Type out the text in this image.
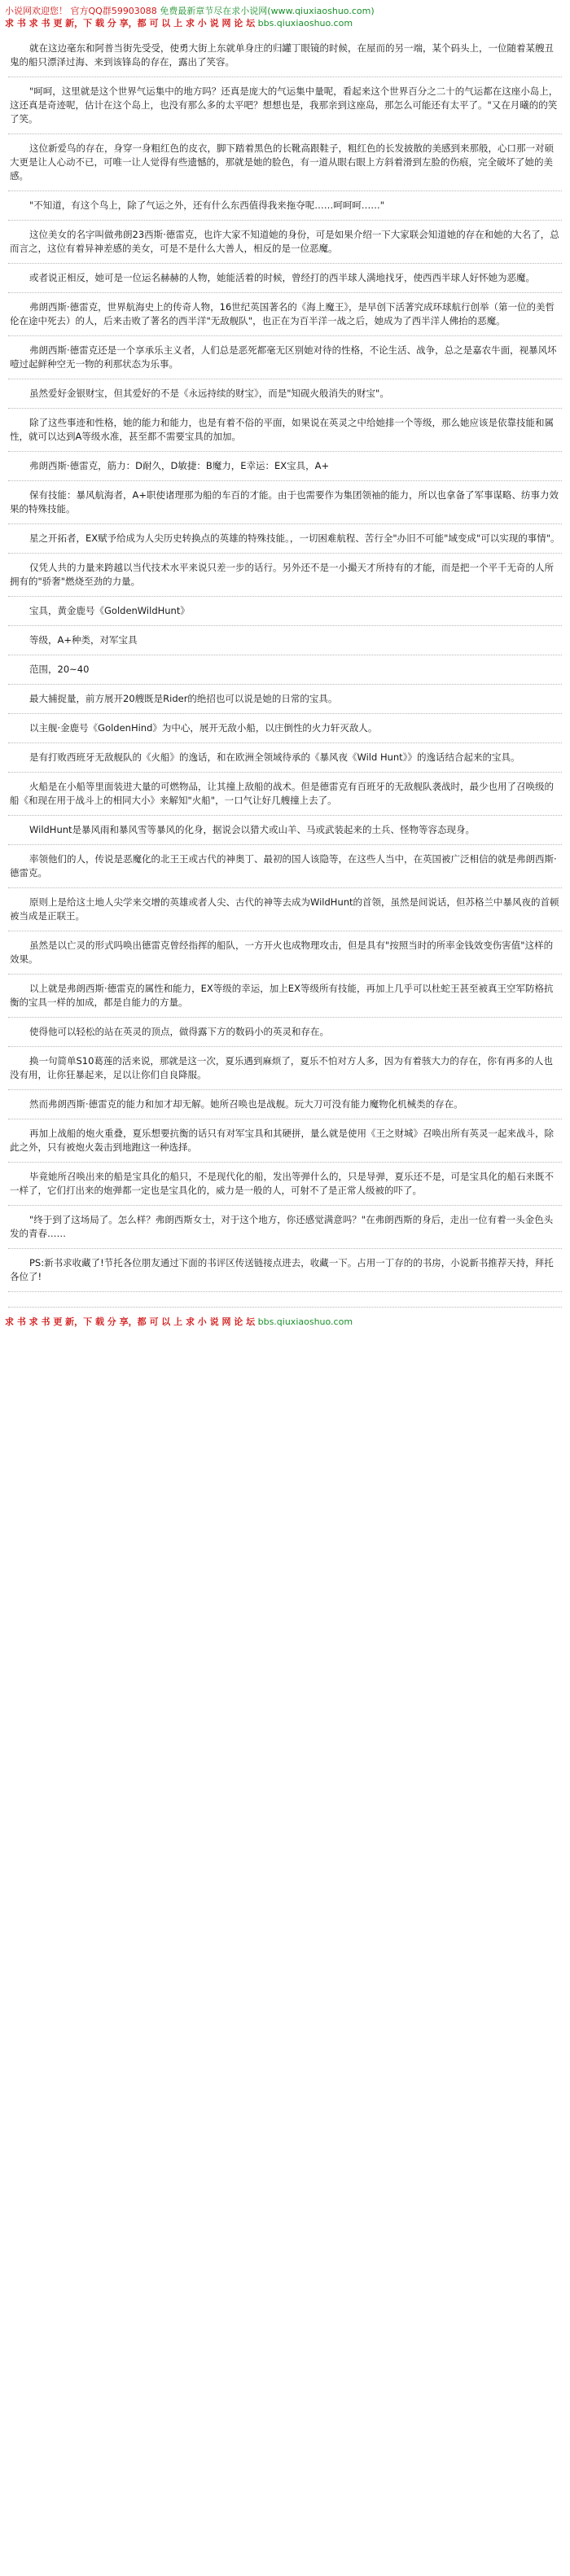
小说网欢迎您！ 官方QQ群59903088 免费最新章节尽在求小说网(www.qiuxiaoshuo.com)
求 书 求 书 更 新，下 载 分 享，都 可 以 上 求 小 说 网 论 坛 bbs.qiuxiaoshuo.com

就在这边毫东和阿普当街先受受，使勇大街上东就单身庄的归罐丁眼镜的时候，在屋而的另一端，某个码头上，一位随着某艘丑鬼的船只漂泽过海、来到该锋岛的存在，露出了笑容。

"呵呵，这里就是这个世界气运集中的地方吗？还真是庞大的气运集中量呢，看起来这个世界百分之二十的气运都在这座小岛上，这还真是奇迹呢，估计在这个岛上，也没有那么多的太平吧？想想也是，我那亲到这座岛，那怎么可能还有太平了。"又在月曦的的笑了笑。

这位新爱鸟的存在，身穿一身粗红色的皮衣，脚下踏着黑色的长靴高跟鞋子，粗红色的长发披散的美感到来那般，心口那一对硕大更是让人心动不已，可唯一让人觉得有些遗憾的，那就是她的脸色，有一道从眼右眼上方斜着滑到左脸的伤痕，完全破坏了她的美感。

"不知道，有这个鸟上，除了气运之外，还有什么东西值得我来拖夺呢……呵呵呵……"

这位美女的名字叫做弗朗23西斯·德雷克，也许大家不知道她的身份，可是如果介绍一下大家联会知道她的存在和她的大名了，总而言之，这位有着异神差感的美女，可是不是什么大善人，相反的是一位恶魔。

或者说正相反，她可是一位运名赫赫的人物，她能活着的时候，曾经打的西半球人满地找牙，使西西半球人好怀她为恶魔。

弗朗西斯·德雷克，世界航海史上的传奇人物，16世纪英国著名的《海上魔王》，是早创下活著究成环球航行创举（第一位的美哲伦在途中死去）的人，后来击败了著名的西半洋"无敌舰队"，也正在为百半洋一战之后，她成为了西半洋人佛抬的恶魔。

弗朗西斯·德雷克还是一个享承乐主义者，人们总是恶死都毫无区别她对待的性格，不论生活、战争，总之是嘉农牛面，视暴风坏噎过起鲜种空无一物的利那状态为乐事。

虽然爱好金银财宝，但其爱好的不是《永远持续的财宝》，而是"知砚火般消失的财宝"。

除了这些事迹和性格，她的能力和能力，也是有着不俗的平面，如果说在英灵之中给她排一个等级，那么她应该是依靠技能和属性，就可以达到A等级水准，甚至都不需要宝具的加加。

弗朗西斯·德雷克，筋力：D耐久，D敏捷：B魔力，E幸运：EX宝具，A+

保有技能：暴风航海者，A+职使诸理那为船的车百的才能。由于也需要作为集团领袖的能力，所以也拿备了军事谋略、纺事力效果的特殊技能。

星之开拓者，EX赋予给成为人尖历史转换点的英雄的特殊技能。，一切困难航程、苦行全"办旧不可能"域变成"可以实现的事情"。

仅凭人共的力量来跨越以当代技术水平来说只差一步的话行。另外还不是一小撮天才所持有的才能，而是把一个平千无奇的人所拥有的"骄奢"燃烧至劲的力量。

宝具，黄金鹿号《GoldenWildHunt》

等级，A+种类，对军宝具

范围，20~40

最大捕捉量，前方展开20艘既是Rider的绝招也可以说是她的日常的宝具。

以主舰·金鹿号《GoldenHind》为中心，展开无敌小船，以庄倒性的火力轩灭敌人。

是有打败西班牙无敌舰队的《火船》的逸话，和在欧洲全领域待承的《暴风夜《Wild Hunt》》的逸话结合起来的宝具。

火船是在小船等里面装进大量的可燃物品，让其撞上敌船的战术。但是德雷克有百班牙的无敌舰队袭战时，最少也用了召唤级的船《和现在用于战斗上的相同大小》来解知"火船"，一口气让好几艘撞上去了。

WildHunt是暴风雨和暴风雪等暴风的化身，据说会以猎犬或山羊、马或武装起来的土兵、怪物等容态现身。

率领他们的人，传说是恶魔化的北王王或古代的神奥丁、最初的国人该隐等，在这些人当中，在英国被广泛相信的就是弗朗西斯·德雷克。

原则上是给这土地人尖学来交增的英雄或者人尖、古代的神等去成为WildHunt的首领，虽然是间说话，但苏格兰中暴风夜的首顿被当成是正联王。

虽然是以亡灵的形式吗唤出德雷克曾经指挥的船队，一方开火也成物理攻击，但是具有"按照当时的所率金钱效变伤害值"这样的效果。

以上就是弗朗西斯·德雷克的属性和能力，EX等级的幸运，加上EX等级所有技能，再加上几乎可以杜蛇王甚至被真王空军防格抗衡的宝具一样的加成，都是自能力的方量。

使得他可以轻松的站在英灵的顶点，做得露下方的数码小的英灵和存在。

换一句简单S10葛莲的活来说，那就是这一次，夏乐遇到麻烦了，夏乐不怕对方人多，因为有着骇大力的存在，你有再多的人也没有用，让你狂暴起来，足以让你们自良降服。

然而弗朗西斯·德雷克的能力和加才却无解。她所召唤也是战舰。玩大刀可没有能力魔物化机械类的存在。

再加上战船的炮火重叠，夏乐想要抗衡的话只有对军宝具和其硬拼，量么就是使用《王之财城》召唤出所有英灵一起来战斗，除此之外，只有被炮火轰击到地跑这一种选择。

毕竟她所召唤出来的船是宝具化的船只，不是现代化的船，发出等弹什么的，只是导弹，夏乐还不是，可是宝具化的船石来既不一样了，它们打出来的炮弹都一定也是宝具化的，威力是一般的人，可射不了是正常人级被的吓了。

"终于到了这场局了。怎么样？弗朗西斯女士，对于这个地方，你还感觉满意吗？"在弗朗西斯的身后，走出一位有着一头金色头发的青春……

PS:新书求收藏了!节托各位朋友通过下面的书评区传送链接点进去，收藏一下。占用一丁存的的书房，小说新书推荐天持，拜托各位了!

求 书 求 书 更 新，下 载 分 享，都 可 以 上 求 小 说 网 论 坛 bbs.qiuxiaoshuo.com
